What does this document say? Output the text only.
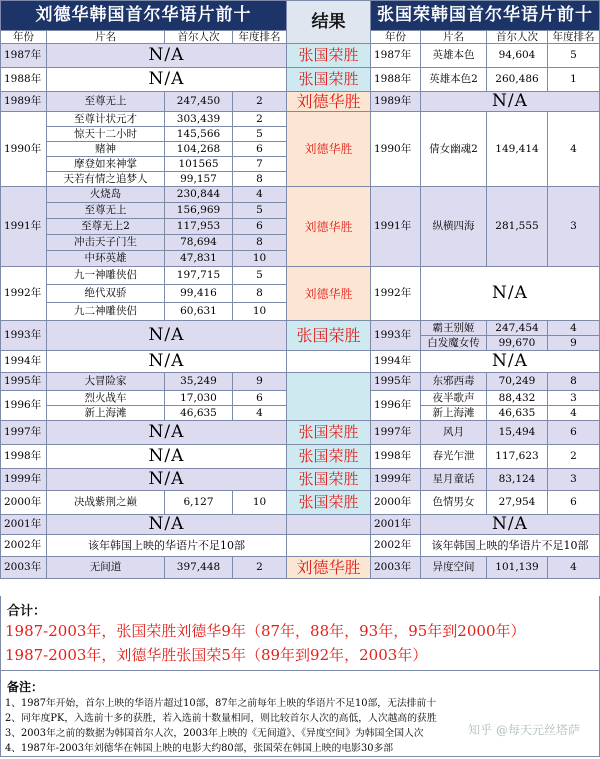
刘德华韩国首尔华语片前十				结果	张国荣韩国首尔华语片前十			
年份	片名	首尔人次	年度排名		年份	片名	首尔人次	年度排名
1987年	N/A			张国荣胜	1987年	英雄本色	94,604	5
1988年	N/A			张国荣胜	1988年	英雄本色2	260,486	1
1989年	至尊无上	247,450	2	刘德华胜	1989年	N/A		
1990年	至尊计状元才	303,439	2	刘德华胜	1990年	倩女幽魂2	149,414	4
	惊天十二小时	145,566	5					
	赌神	104,268	6					
	摩登如来神掌	101565	7					
	天若有情之追梦人	99,157	8					
1991年	火烧岛	230,844	4	刘德华胜	1991年	纵横四海	281,555	3
	至尊无上	156,969	5					
	至尊无上2	117,953	6					
	冲击天子门生	78,694	8					
	中环英雄	47,831	10					
1992年	九一神雕侠侣	197,715	5	刘德华胜	1992年	N/A		
	绝代双骄	99,416	8					
	九二神雕侠侣	60,631	10					
1993年	N/A			张国荣胜	1993年	霸王别姬	247,454	4
						白发魔女传	99,670	9
1994年	N/A				1994年	N/A		
1995年	大冒险家	35,249	9		1995年	东邪西毒	70,249	8
1996年	烈火战车	17,030	6		1996年	夜半歌声	88,432	3
	新上海滩	46,635	4			新上海滩	46,635	4
1997年	N/A			张国荣胜	1997年	风月	15,494	6
1998年	N/A			张国荣胜	1998年	春光乍泄	117,623	2
1999年	N/A			张国荣胜	1999年	星月童话	83,124	3
2000年	决战紫荆之巅	6,127	10	张国荣胜	2000年	色情男女	27,954	6
2001年	N/A				2001年	N/A		
2002年	该年韩国上映的华语片不足10部				2002年	该年韩国上映的华语片不足10部		
2003年	无间道	397,448	2	刘德华胜	2003年	异度空间	101,139	4
合计：
1987-2003年，张国荣胜刘德华9年（87年，88年，93年，95年到2000年）
1987-2003年，刘德华胜张国荣5年（89年到92年，2003年）
备注：
1、1987年开始，首尔上映的华语片超过10部，87年之前每年上映的华语片不足10部，无法排前十
2、同年度PK，入选前十多的获胜，若入选前十数量相同，则比较首尔人次的高低，人次越高的获胜
3、2003年之前的数据为韩国首尔人次，2003年上映的《无间道》、《异度空间》为韩国全国人次
4、1987年-2003年刘德华在韩国上映的电影大约80部，张国荣在韩国上映的电影30多部
知乎 @每天元丝塔萨
